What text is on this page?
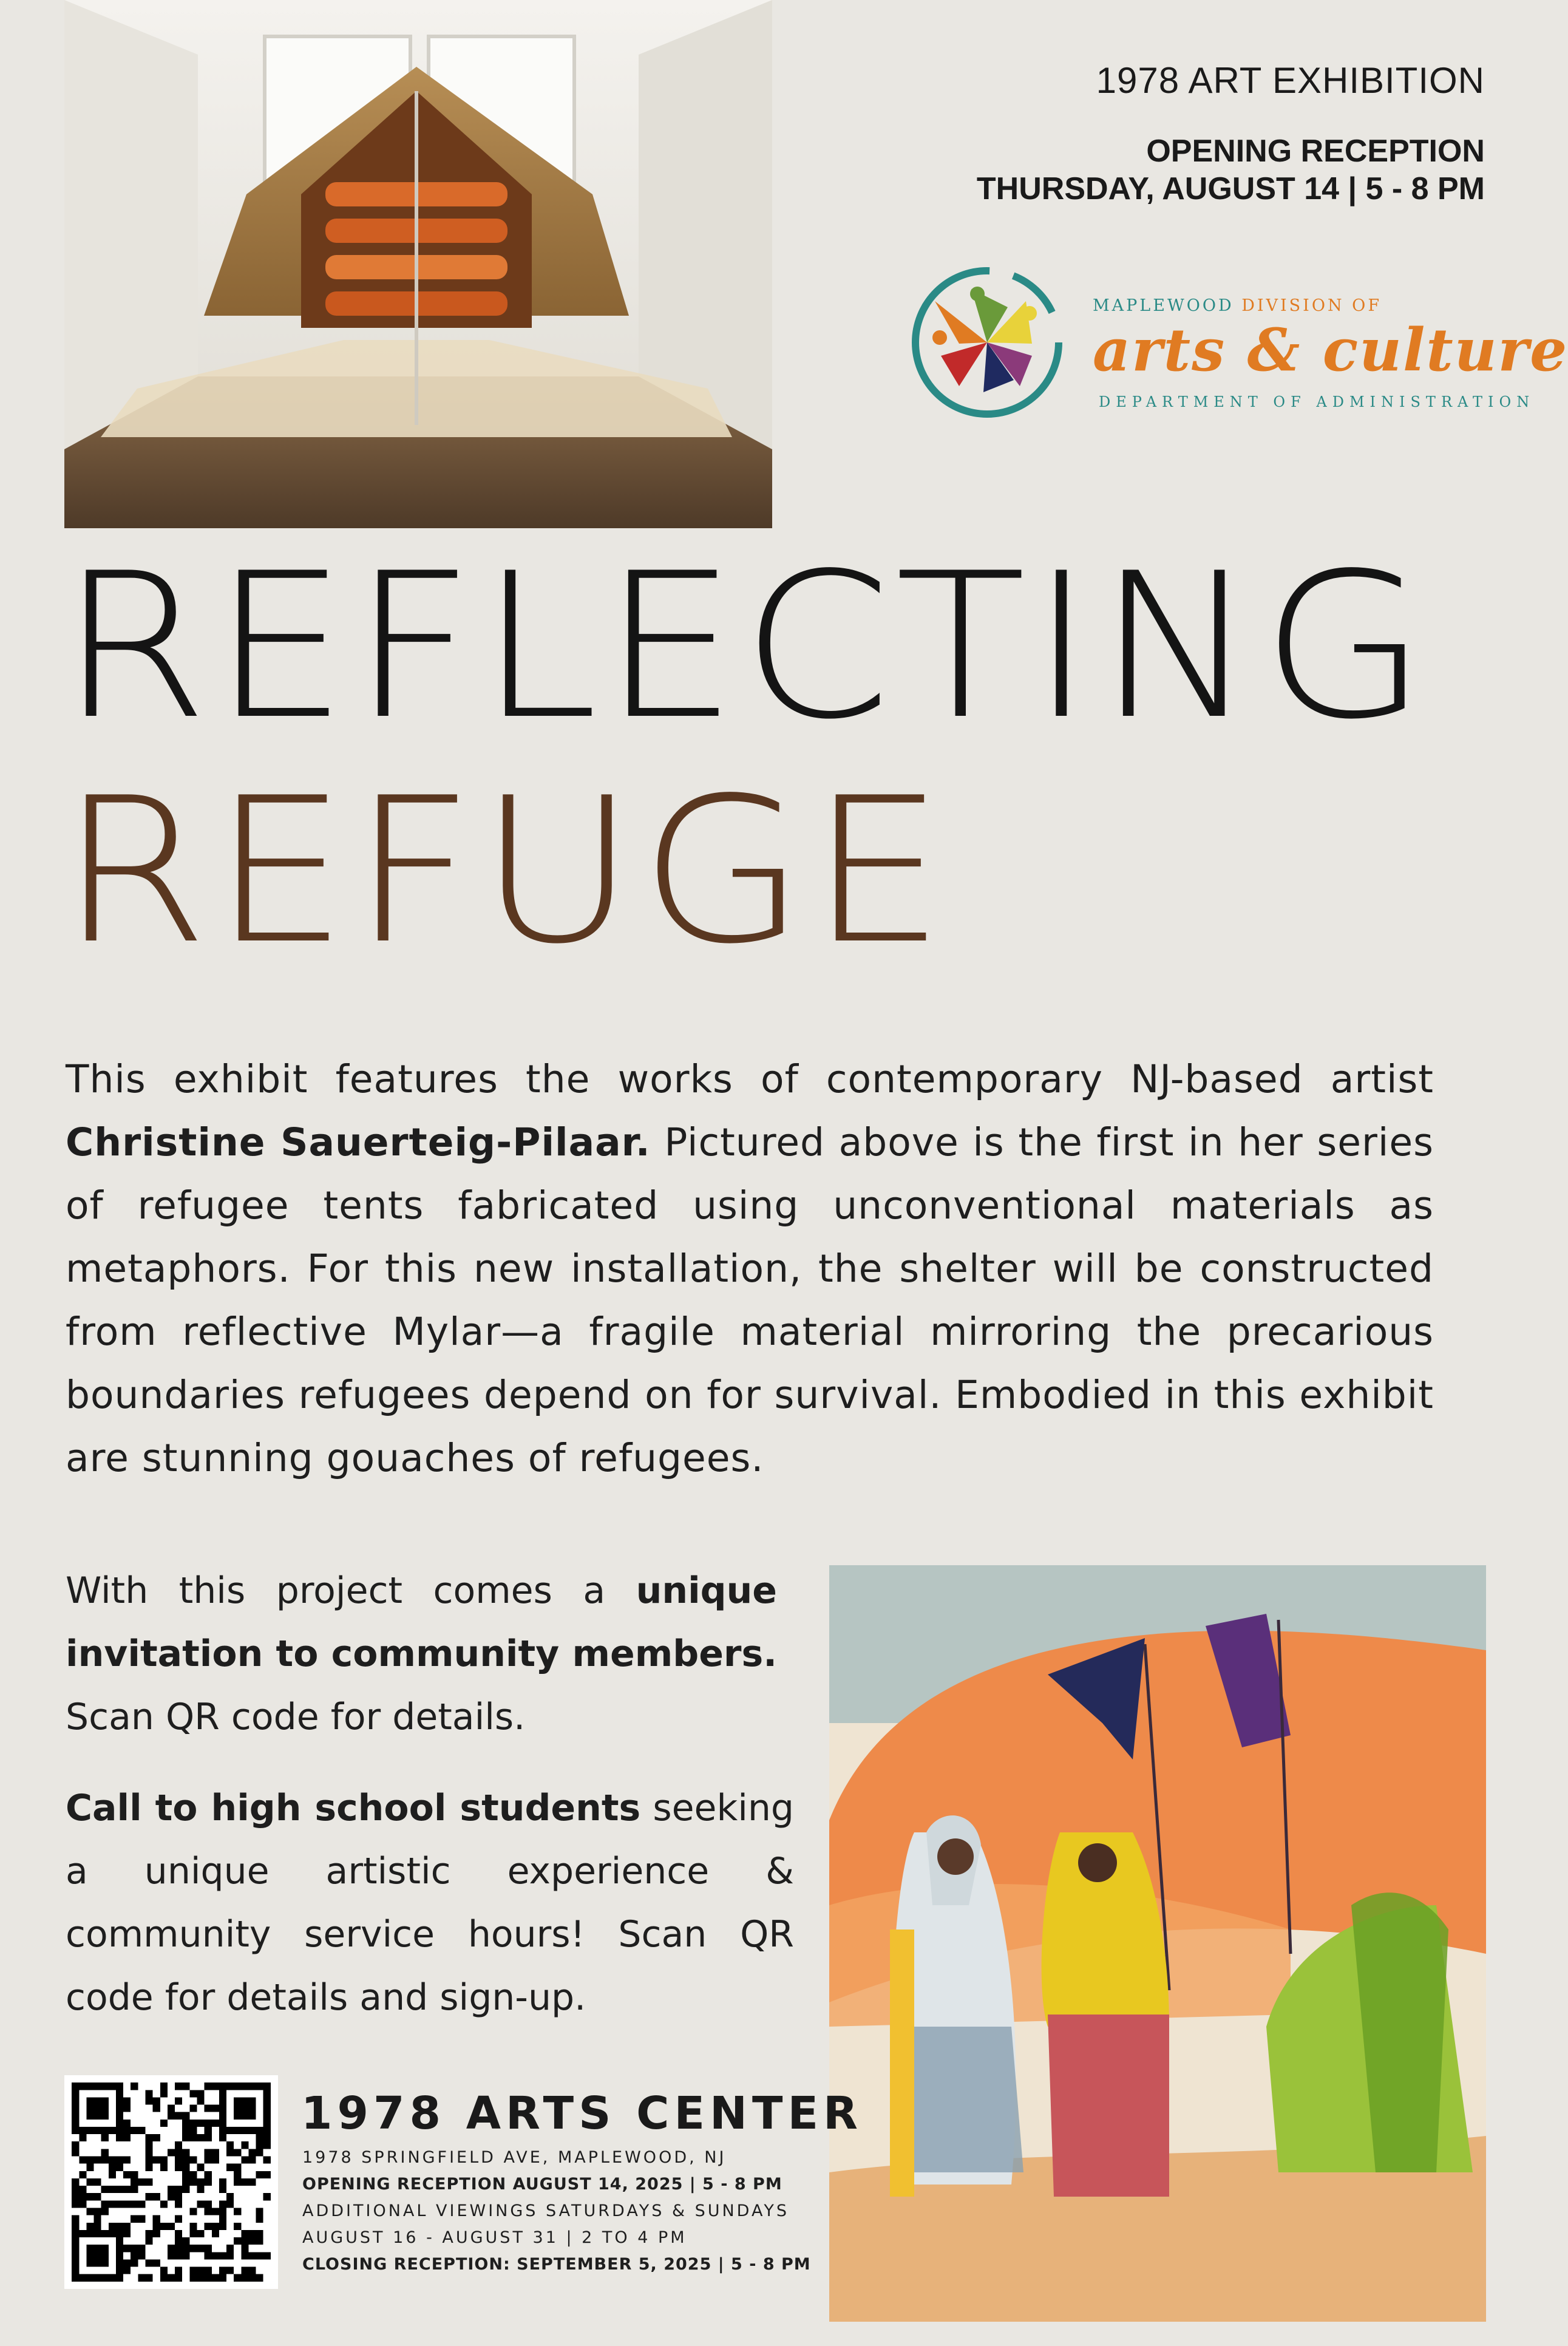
1978 ART EXHIBITION
OPENING RECEPTION
THURSDAY, AUGUST 14 | 5 - 8 PM
MAPLEWOOD DIVISION OF
arts & culture
DEPARTMENT OF ADMINISTRATION
REFLECTING
REFUGE
This exhibit features the works of contemporary NJ-based artist Christine Sauerteig-Pilaar. Pictured above is the first in her series of refugee tents fabricated using unconventional materials as metaphors. For this new installation, the shelter will be constructed from reflective Mylar—a fragile material mirroring the precarious boundaries refugees depend on for survival. Embodied in this exhibit are stunning gouaches of refugees.
With this project comes a unique invitation to community members. Scan QR code for details.
Call to high school students seeking a unique artistic experience & community service hours! Scan QR code for details and sign-up.
1978 ARTS CENTER
1978 SPRINGFIELD AVE, MAPLEWOOD, NJ
OPENING RECEPTION AUGUST 14, 2025 | 5 - 8 PM
ADDITIONAL VIEWINGS SATURDAYS & SUNDAYS
AUGUST 16 - AUGUST 31 | 2 TO 4 PM
CLOSING RECEPTION: SEPTEMBER 5, 2025 | 5 - 8 PM
